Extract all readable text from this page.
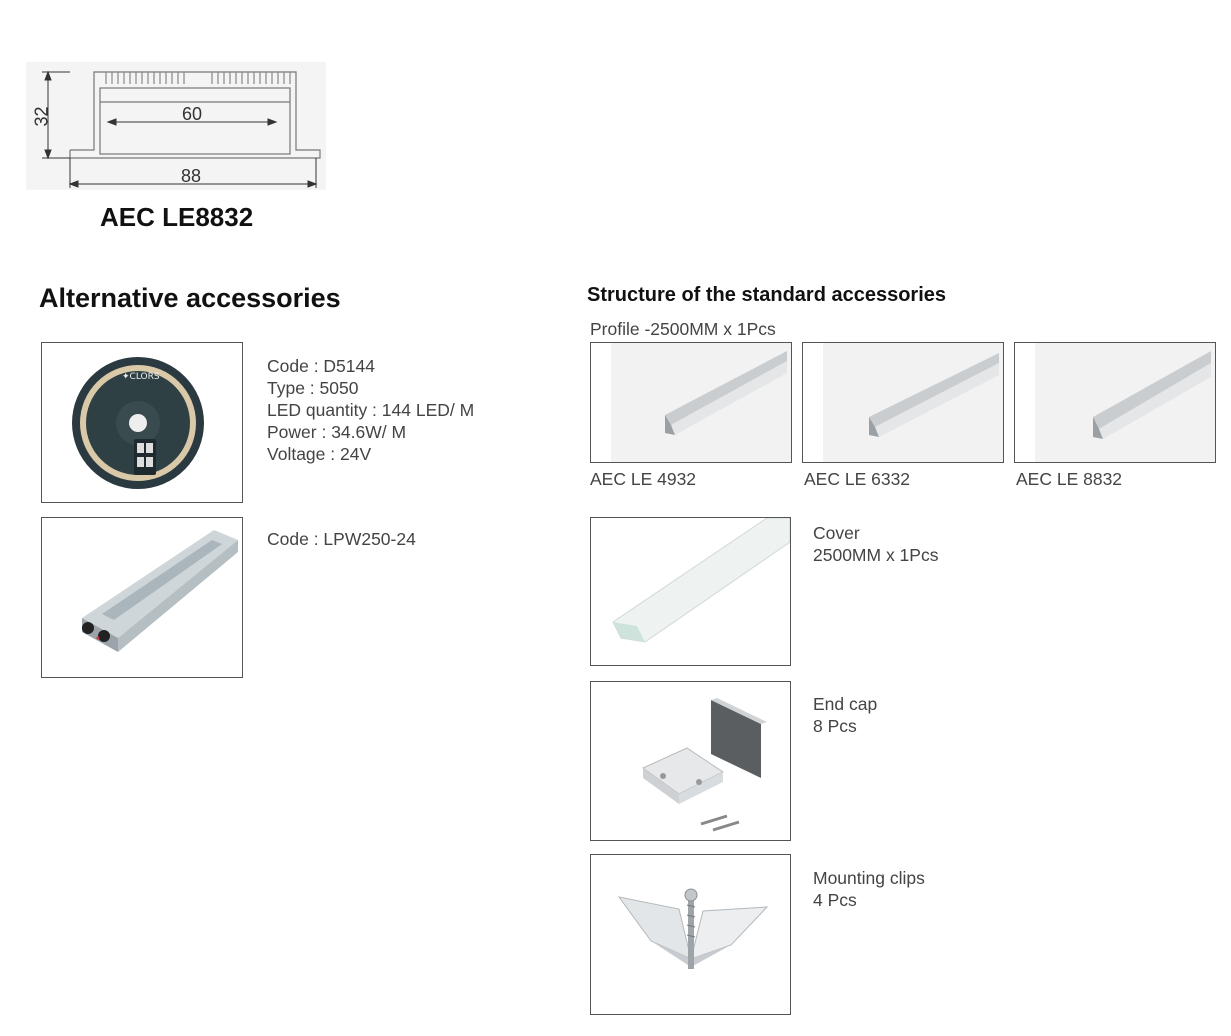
32	60
88
AEC LE8832
Alternative accessories
✦CLORS
Code : D5144
Type : 5050
LED quantity : 144 LED/ M
Power : 34.6W/ M
Voltage : 24V
Code : LPW250-24
Structure of the standard accessories
Profile -2500MM x 1Pcs
AEC LE 4932	AEC LE 6332	AEC LE 8832
Cover
2500MM x 1Pcs
End cap
8 Pcs
Mounting clips
4 Pcs
